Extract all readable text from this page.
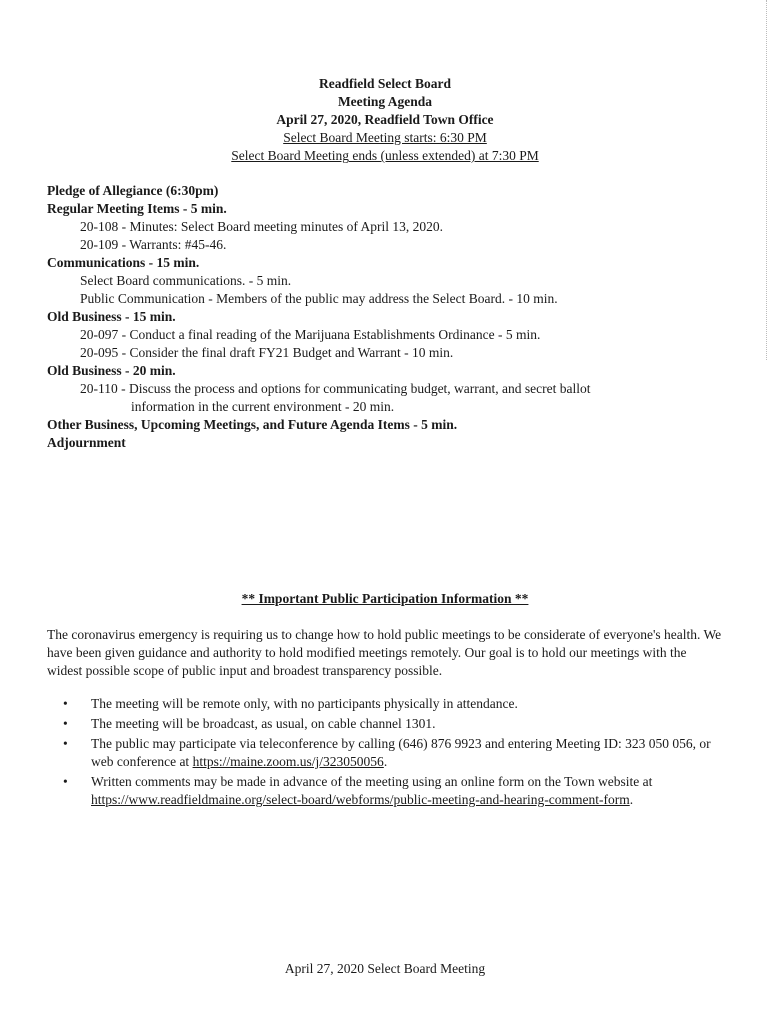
Readfield Select Board
Meeting Agenda
April 27, 2020, Readfield Town Office
Select Board Meeting starts: 6:30 PM
Select Board Meeting ends (unless extended) at 7:30 PM
Pledge of Allegiance (6:30pm)
Regular Meeting Items - 5 min.
20-108 - Minutes: Select Board meeting minutes of April 13, 2020.
20-109 - Warrants: #45-46.
Communications - 15 min.
Select Board communications. - 5 min.
Public Communication - Members of the public may address the Select Board. - 10 min.
Old Business - 15 min.
20-097 - Conduct a final reading of the Marijuana Establishments Ordinance - 5 min.
20-095 - Consider the final draft FY21 Budget and Warrant - 10 min.
Old Business - 20 min.
20-110 - Discuss the process and options for communicating budget, warrant, and secret ballot
information in the current environment - 20 min.
Other Business, Upcoming Meetings, and Future Agenda Items - 5 min.
Adjournment
** Important Public Participation Information **
The coronavirus emergency is requiring us to change how to hold public meetings to be considerate of everyone's health. We have been given guidance and authority to hold modified meetings remotely. Our goal is to hold our meetings with the widest possible scope of public input and broadest transparency possible.
• The meeting will be remote only, with no participants physically in attendance.
• The meeting will be broadcast, as usual, on cable channel 1301.
• The public may participate via teleconference by calling (646) 876 9923 and entering Meeting ID: 323 050 056, or web conference at https://maine.zoom.us/j/323050056.
• Written comments may be made in advance of the meeting using an online form on the Town website at https://www.readfieldmaine.org/select-board/webforms/public-meeting-and-hearing-comment-form.
April 27, 2020 Select Board Meeting
